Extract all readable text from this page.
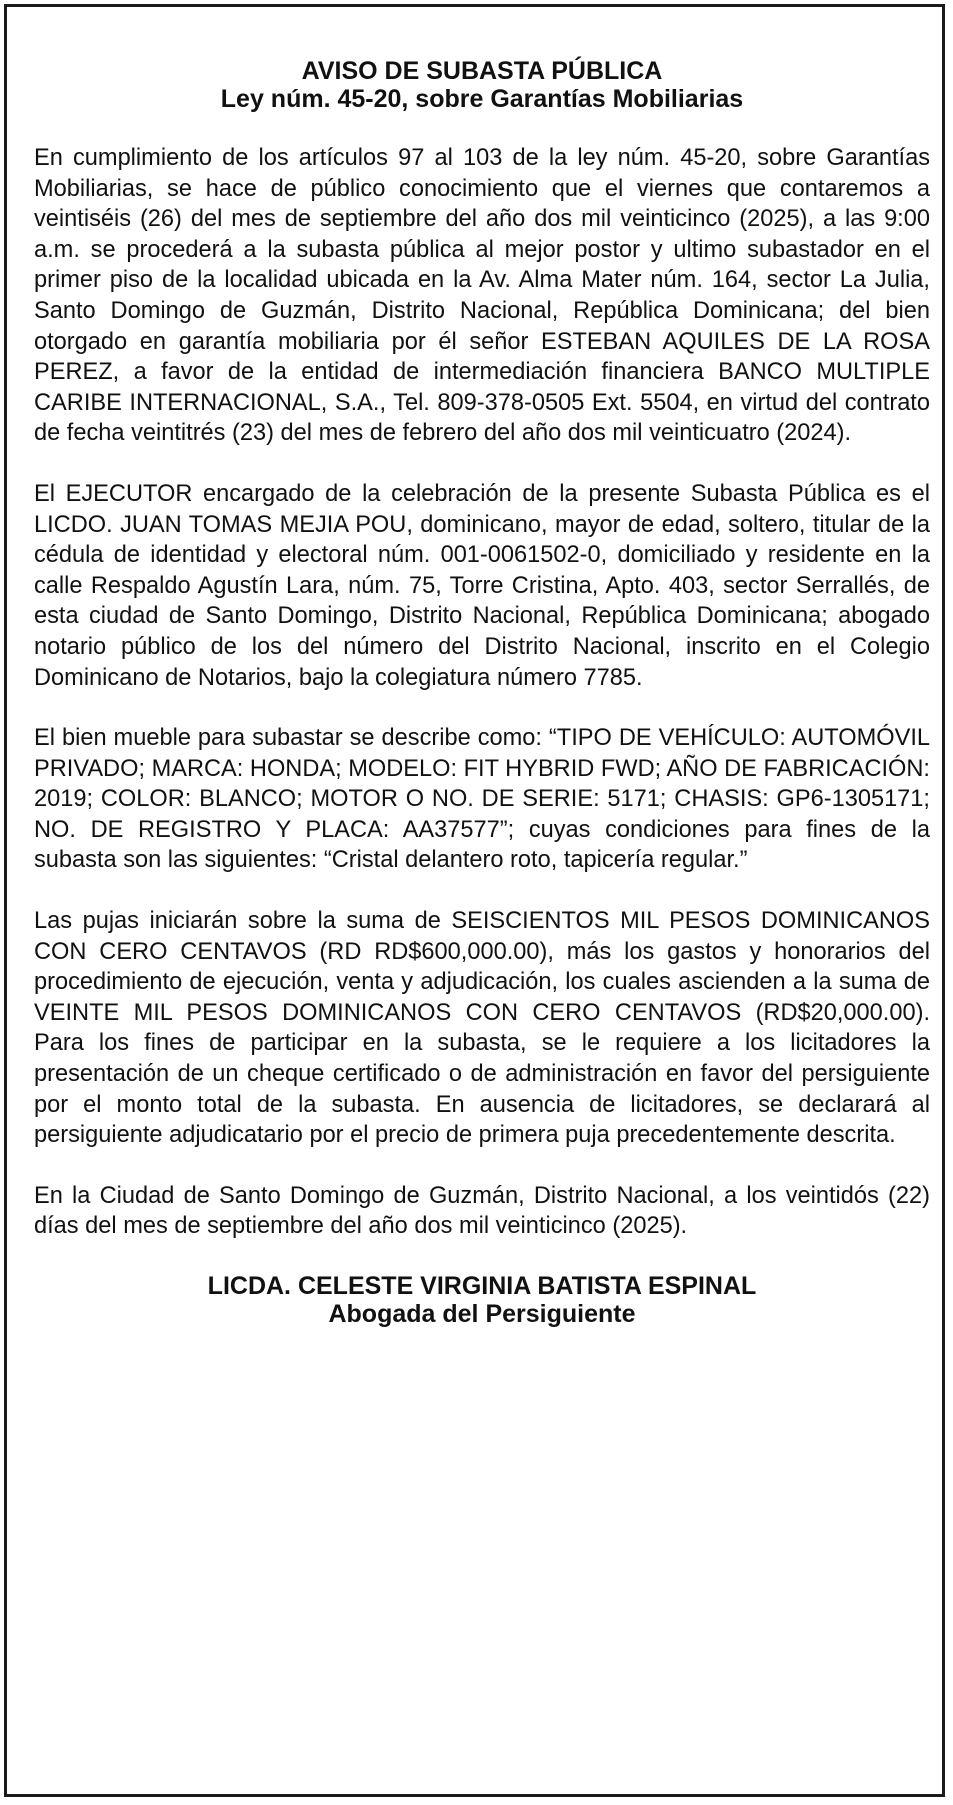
AVISO DE SUBASTA PÚBLICA
Ley núm. 45-20, sobre Garantías Mobiliarias

En cumplimiento de los artículos 97 al 103 de la ley núm. 45-20, sobre Garantías Mobiliarias, se hace de público conocimiento que el viernes que contaremos a veintiséis (26) del mes de septiembre del año dos mil veinticinco (2025), a las 9:00 a.m. se procederá a la subasta pública al mejor postor y ultimo subastador en el primer piso de la localidad ubicada en la Av. Alma Mater núm. 164, sector La Julia, Santo Domingo de Guzmán, Distrito Nacional, República Dominicana; del bien otorgado en garantía mobiliaria por él señor ESTEBAN AQUILES DE LA ROSA PEREZ, a favor de la entidad de intermediación financiera BANCO MULTIPLE CARIBE INTERNACIONAL, S.A., Tel. 809-378-0505 Ext. 5504, en virtud del contrato de fecha veintitrés (23) del mes de febrero del año dos mil veinticuatro (2024).

El EJECUTOR encargado de la celebración de la presente Subasta Pública es el LICDO. JUAN TOMAS MEJIA POU, dominicano, mayor de edad, soltero, titular de la cédula de identidad y electoral núm. 001-0061502-0, domiciliado y residente en la calle Respaldo Agustín Lara, núm. 75, Torre Cristina, Apto. 403, sector Serrallés, de esta ciudad de Santo Domingo, Distrito Nacional, República Dominicana; abogado notario público de los del número del Distrito Nacional, inscrito en el Colegio Dominicano de Notarios, bajo la colegiatura número 7785.

El bien mueble para subastar se describe como: “TIPO DE VEHÍCULO: AUTOMÓVIL PRIVADO; MARCA: HONDA; MODELO: FIT HYBRID FWD; AÑO DE FABRICACIÓN: 2019; COLOR: BLANCO; MOTOR O NO. DE SERIE: 5171; CHASIS: GP6-1305171; NO. DE REGISTRO Y PLACA: AA37577”; cuyas condiciones para fines de la subasta son las siguientes: “Cristal delantero roto, tapicería regular.”

Las pujas iniciarán sobre la suma de SEISCIENTOS MIL PESOS DOMINICANOS CON CERO CENTAVOS (RD RD$600,000.00), más los gastos y honorarios del procedimiento de ejecución, venta y adjudicación, los cuales ascienden a la suma de VEINTE MIL PESOS DOMINICANOS CON CERO CENTAVOS (RD$20,000.00). Para los fines de participar en la subasta, se le requiere a los licitadores la presentación de un cheque certificado o de administración en favor del persiguiente por el monto total de la subasta. En ausencia de licitadores, se declarará al persiguiente adjudicatario por el precio de primera puja precedentemente descrita.

En la Ciudad de Santo Domingo de Guzmán, Distrito Nacional, a los veintidós (22) días del mes de septiembre del año dos mil veinticinco (2025).

LICDA. CELESTE VIRGINIA BATISTA ESPINAL
Abogada del Persiguiente
